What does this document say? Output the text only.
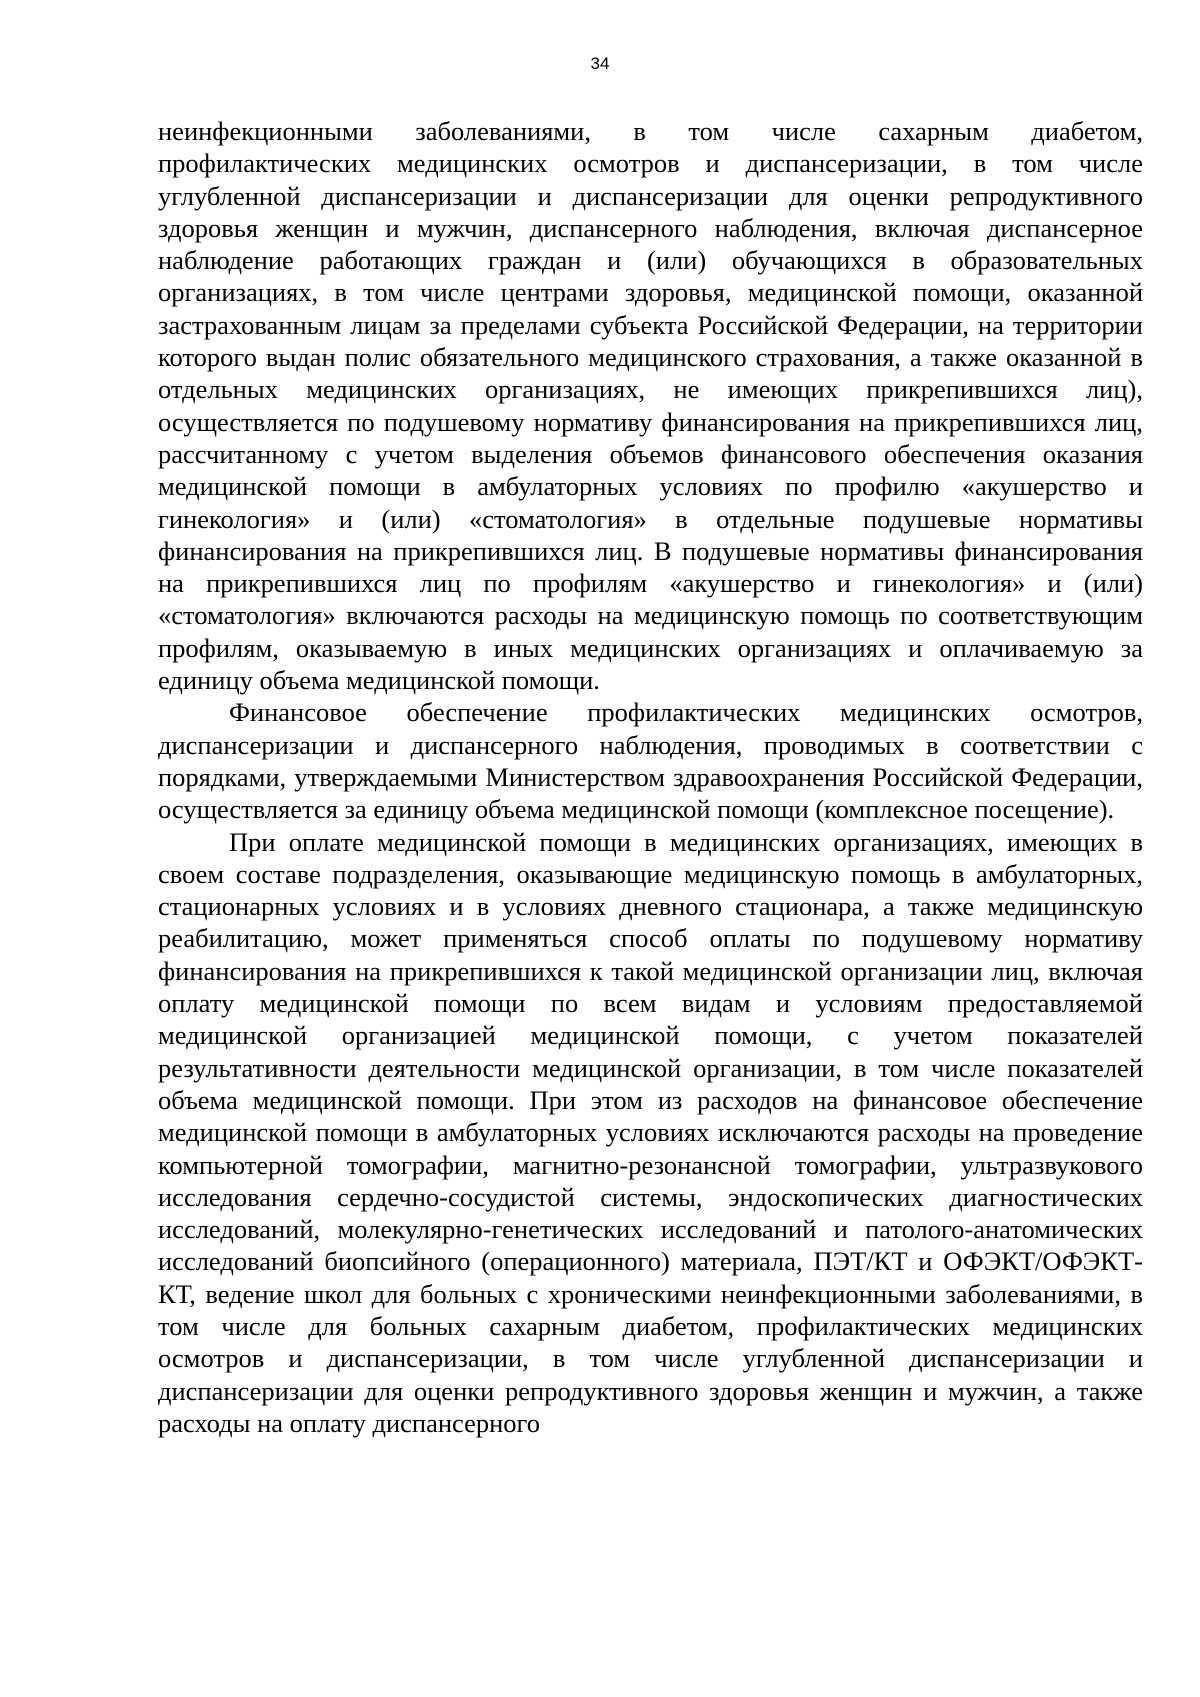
34

неинфекционными заболеваниями, в том числе сахарным диабетом, профилактических медицинских осмотров и диспансеризации, в том числе углубленной диспансеризации и диспансеризации для оценки репродуктивного здоровья женщин и мужчин, диспансерного наблюдения, включая диспансерное наблюдение работающих граждан и (или) обучающихся в образовательных организациях, в том числе центрами здоровья, медицинской помощи, оказанной застрахованным лицам за пределами субъекта Российской Федерации, на территории которого выдан полис обязательного медицинского страхования, а также оказанной в отдельных медицинских организациях, не имеющих прикрепившихся лиц), осуществляется по подушевому нормативу финансирования на прикрепившихся лиц, рассчитанному с учетом выделения объемов финансового обеспечения оказания медицинской помощи в амбулаторных условиях по профилю «акушерство и гинекология» и (или) «стоматология» в отдельные подушевые нормативы финансирования на прикрепившихся лиц. В подушевые нормативы финансирования на прикрепившихся лиц по профилям «акушерство и гинекология» и (или) «стоматология» включаются расходы на медицинскую помощь по соответствующим профилям, оказываемую в иных медицинских организациях и оплачиваемую за единицу объема медицинской помощи.

Финансовое обеспечение профилактических медицинских осмотров, диспансеризации и диспансерного наблюдения, проводимых в соответствии с порядками, утверждаемыми Министерством здравоохранения Российской Федерации, осуществляется за единицу объема медицинской помощи (комплексное посещение).

При оплате медицинской помощи в медицинских организациях, имеющих в своем составе подразделения, оказывающие медицинскую помощь в амбулаторных, стационарных условиях и в условиях дневного стационара, а также медицинскую реабилитацию, может применяться способ оплаты по подушевому нормативу финансирования на прикрепившихся к такой медицинской организации лиц, включая оплату медицинской помощи по всем видам и условиям предоставляемой медицинской организацией медицинской помощи, с учетом показателей результативности деятельности медицинской организации, в том числе показателей объема медицинской помощи. При этом из расходов на финансовое обеспечение медицинской помощи в амбулаторных условиях исключаются расходы на проведение компьютерной томографии, магнитно-резонансной томографии, ультразвукового исследования сердечно-сосудистой системы, эндоскопических диагностических исследований, молекулярно-генетических исследований и патолого-анатомических исследований биопсийного (операционного) материала, ПЭТ/КТ и ОФЭКТ/ОФЭКТ-КТ, ведение школ для больных с хроническими неинфекционными заболеваниями, в том числе для больных сахарным диабетом, профилактических медицинских осмотров и диспансеризации, в том числе углубленной диспансеризации и диспансеризации для оценки репродуктивного здоровья женщин и мужчин, а также расходы на оплату диспансерного
